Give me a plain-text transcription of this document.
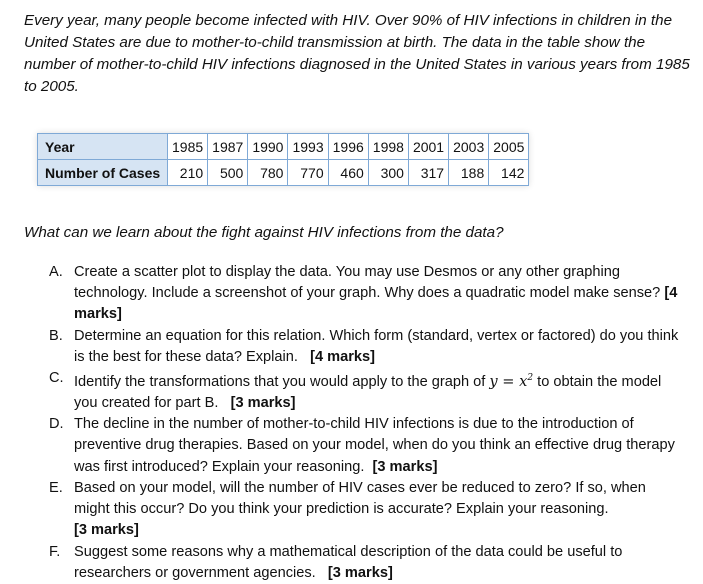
Every year, many people become infected with HIV. Over 90% of HIV infections in children in the United States are due to mother-to-child transmission at birth. The data in the table show the number of mother-to-child HIV infections diagnosed in the United States in various years from 1985 to 2005.
Year	1985	1987	1990	1993	1996	1998	2001	2003	2005
Number of Cases	210	500	780	770	460	300	317	188	142
What can we learn about the fight against HIV infections from the data?
A. Create a scatter plot to display the data. You may use Desmos or any other graphing technology. Include a screenshot of your graph. Why does a quadratic model make sense? [4 marks]
B. Determine an equation for this relation. Which form (standard, vertex or factored) do you think is the best for these data? Explain. [4 marks]
C. Identify the transformations that you would apply to the graph of $y = x^2$ to obtain the model you created for part B. [3 marks]
D. The decline in the number of mother-to-child HIV infections is due to the introduction of preventive drug therapies. Based on your model, when do you think an effective drug therapy was first introduced? Explain your reasoning. [3 marks]
E. Based on your model, will the number of HIV cases ever be reduced to zero? If so, when might this occur? Do you think your prediction is accurate? Explain your reasoning.
[3 marks]
F. Suggest some reasons why a mathematical description of the data could be useful to researchers or government agencies. [3 marks]
